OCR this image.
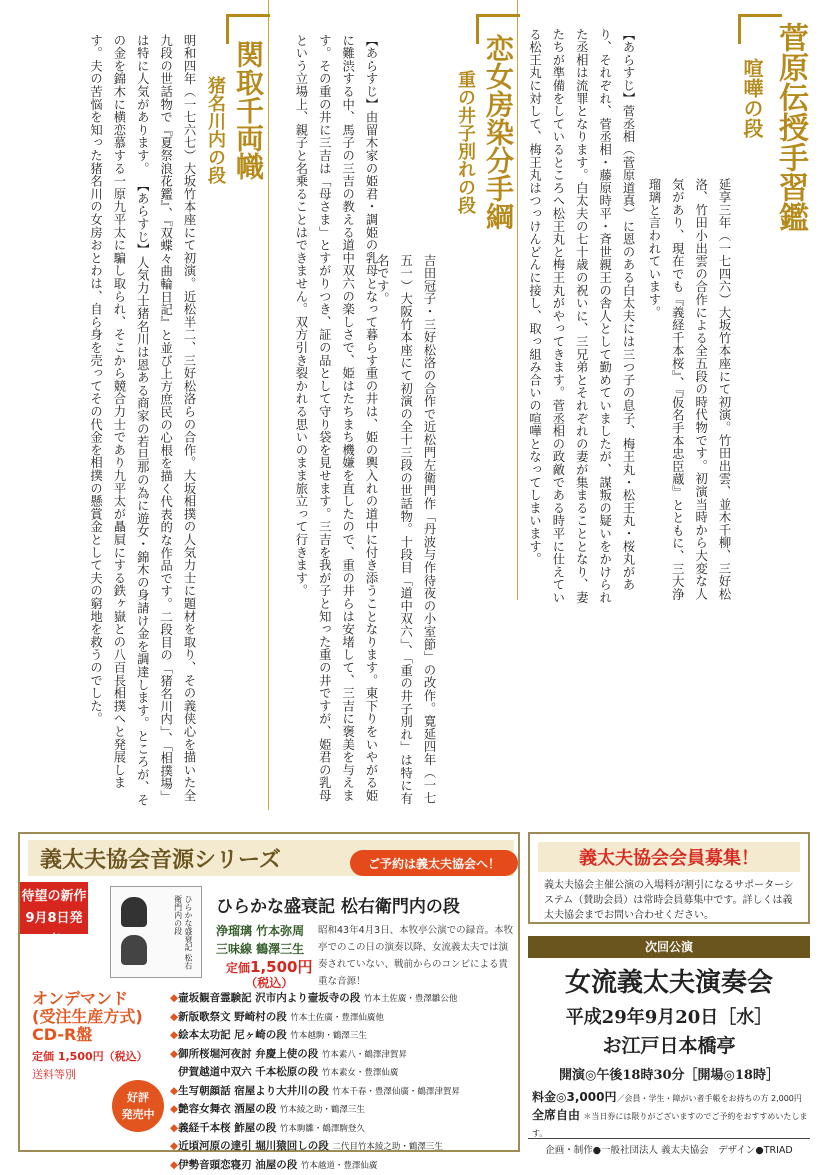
菅原伝授手習鑑
喧嘩の段
延享三年（一七四六）大坂竹本座にて初演。竹田出雲、並木千柳、三好松洛、竹田小出雲の合作による全五段の時代物です。初演当時から大変な人気があり、現在でも『義経千本桜』、『仮名手本忠臣蔵』とともに、三大浄瑠璃と言われています。
【あらすじ】菅丞相（菅原道真）に恩のある白太夫には三つ子の息子、梅王丸・松王丸・桜丸があり、それぞれ、菅丞相・藤原時平・斉世親王の舎人として勤めていましたが、謀叛の疑いをかけられた丞相は流罪となります。白太夫の七十歳の祝いに、三兄弟とそれぞれの妻が集まることとなり、妻たちが準備をしているところへ松王丸と梅王丸がやってきます。菅丞相の政敵である時平に仕えている松王丸に対して、梅王丸はつっけんどんに接し、取っ組み合いの喧嘩となってしまいます。
恋女房染分手綱
重の井子別れの段
吉田冠子・三好松洛の合作で近松門左衛門作「丹波与作待夜の小室節」の改作。寛延四年（一七五一）大阪竹本座にて初演の全十三段の世話物。十段目「道中双六」、「重の井子別れ」は特に有名です。
【あらすじ】由留木家の姫君・調姫の乳母となって暮らす重の井は、姫の輿入れの道中に付き添うことなります。東下りをいやがる姫に難渋する中、馬子の三吉の教える道中双六の楽しさで、姫はたちまち機嫌を直したので、重の井らは安堵して、三吉に褒美を与えます。その重の井に三吉は「母さま」とすがりつき、証の品として守り袋を見せます。三吉を我が子と知った重の井ですが、姫君の乳母という立場上、親子と名乗ることはできません。双方引き裂かれる思いのまま旅立って行きます。
関取千両幟
猪名川内の段
明和四年（一七六七）大坂竹本座にて初演。近松半二、三好松洛らの合作。大坂相撲の人気力士に題材を取り、その義侠心を描いた全九段の世話物で『夏祭浪花鑑』、『双蝶々曲輪日記』と並び上方庶民の心根を描く代表的な作品です。二段目の「猪名川内」、「相撲場」は特に人気があります。 【あらすじ】人気力士猪名川は恩ある商家の若旦那の為に遊女・錦木の身請け金を調達します。ところが、その金を錦木に横恋慕する一原九平太に騙し取られ、そこから競合力士であり九平太が贔屓にする鉄ヶ嶽との八百長相撲へと発展します。夫の苦悩を知った猪名川の女房おとわは、自ら身を売ってその代金を相撲の懸賞金として夫の窮地を救うのでした。
義太夫協会音源シリーズ	ご予約は義太夫協会へ！
待望の新作
9月8日発売	ひらかな盛衰記 松右衛門内の段	ひらかな盛衰記 松右衛門内の段
浄瑠璃 竹本弥周
三味線 鶴澤三生
定価1,500円
（税込）
昭和43年4月3日、本牧亭公演での録音。本牧亭でのこの日の演奏以降、女流義太夫では演奏されていない、戦前からのコンビによる貴重な音源！
オンデマンド
(受注生産方式)
CD-R盤
定価 1,500円（税込）
送料等別
好評
発売中
◆壷坂観音霊験記 沢市内より壷坂寺の段 竹本土佐廣・豊澤雛公他
◆新版歌祭文 野崎村の段 竹本土佐廣・豊澤仙廣他
◆絵本太功記 尼ヶ崎の段 竹本越駒・鶴澤三生
◆御所桜堀河夜討 弁慶上使の段 竹本素八・鶴澤津賀昇
伊賀越道中双六 千本松原の段 竹本素女・豊澤仙廣
◆生写朝顔話 宿屋より大井川の段 竹本千春・豊澤仙廣・鶴澤津賀昇
◆艶容女舞衣 酒屋の段 竹本綾之助・鶴澤三生
◆義経千本桜 鮓屋の段 竹本駒雛・鶴澤駒登久
◆近頃河原の達引 堀川猿回しの段 二代目竹本綾之助・鶴澤三生
◆伊勢音頭恋寝刃 油屋の段 竹本越道・豊澤仙廣
義太夫協会会員募集！
義太夫協会主催公演の入場料が割引になるサポーターシステム（賛助会員）は常時会員募集中です。詳しくは義太夫協会までお問い合わせください。
次回公演
女流義太夫演奏会
平成29年9月20日［水］
お江戸日本橋亭
開演◎午後18時30分［開場◎18時］
料金◎3,000円／会員・学生・障がい者手帳をお持ちの方 2,000円
全席自由 ＊当日券には限りがございますのでご予約をおすすめいたします。
企画・制作●一般社団法人 義太夫協会　デザイン●TRIAD
